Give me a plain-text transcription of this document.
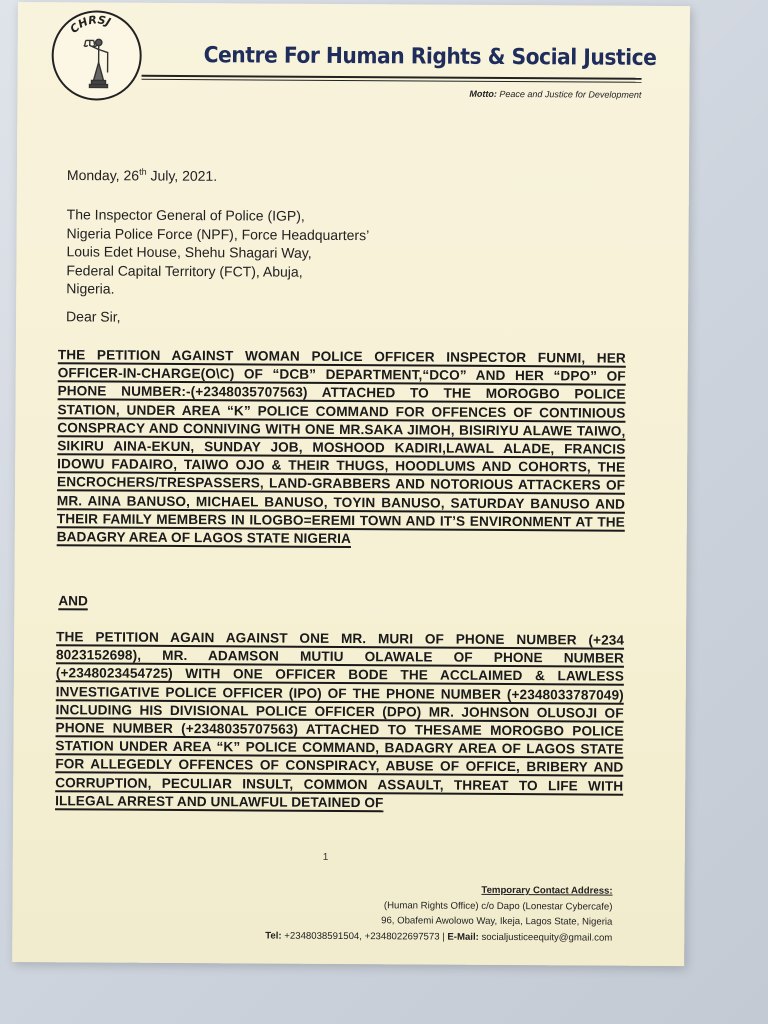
CHRSJ
Centre For Human Rights & Social Justice
Motto: Peace and Justice for Development
Monday, 26th July, 2021.
The Inspector General of Police (IGP),
Nigeria Police Force (NPF), Force Headquarters’
Louis Edet House, Shehu Shagari Way,
Federal Capital Territory (FCT), Abuja,
Nigeria.
Dear Sir,
THE PETITION AGAINST WOMAN POLICE OFFICER INSPECTOR FUNMI, HER OFFICER-IN-CHARGE(O\C) OF “DCB” DEPARTMENT,“DCO” AND HER “DPO” OF PHONE NUMBER:-(+2348035707563) ATTACHED TO THE MOROGBO POLICE STATION, UNDER AREA “K” POLICE COMMAND FOR OFFENCES OF CONTINIOUS CONSPRACY AND CONNIVING WITH ONE MR.SAKA JIMOH, BISIRIYU ALAWE TAIWO, SIKIRU AINA-EKUN, SUNDAY JOB, MOSHOOD KADIRI,LAWAL ALADE, FRANCIS IDOWU FADAIRO, TAIWO OJO & THEIR THUGS, HOODLUMS AND COHORTS, THE ENCROCHERS/TRESPASSERS, LAND-GRABBERS AND NOTORIOUS ATTACKERS OF MR. AINA BANUSO, MICHAEL BANUSO, TOYIN BANUSO, SATURDAY BANUSO AND THEIR FAMILY MEMBERS IN ILOGBO=EREMI TOWN AND IT’S ENVIRONMENT AT THE BADAGRY AREA OF LAGOS STATE NIGERIA
AND
THE PETITION AGAIN AGAINST ONE MR. MURI OF PHONE NUMBER (+234 8023152698), MR. ADAMSON MUTIU OLAWALE OF PHONE NUMBER (+2348023454725) WITH ONE OFFICER BODE THE ACCLAIMED & LAWLESS INVESTIGATIVE POLICE OFFICER (IPO) OF THE PHONE NUMBER (+2348033787049) INCLUDING HIS DIVISIONAL POLICE OFFICER (DPO) MR. JOHNSON OLUSOJI OF PHONE NUMBER (+2348035707563) ATTACHED TO THESAME MOROGBO POLICE STATION UNDER AREA “K” POLICE COMMAND, BADAGRY AREA OF LAGOS STATE FOR ALLEGEDLY OFFENCES OF CONSPIRACY, ABUSE OF OFFICE, BRIBERY AND CORRUPTION, PECULIAR INSULT, COMMON ASSAULT, THREAT TO LIFE WITH ILLEGAL ARREST AND UNLAWFUL DETAINED OF
1
Temporary Contact Address:
(Human Rights Office) c/o Dapo (Lonestar Cybercafe)
96, Obafemi Awolowo Way, Ikeja, Lagos State, Nigeria
Tel: +2348038591504, +2348022697573 | E-Mail: socialjusticeequity@gmail.com
